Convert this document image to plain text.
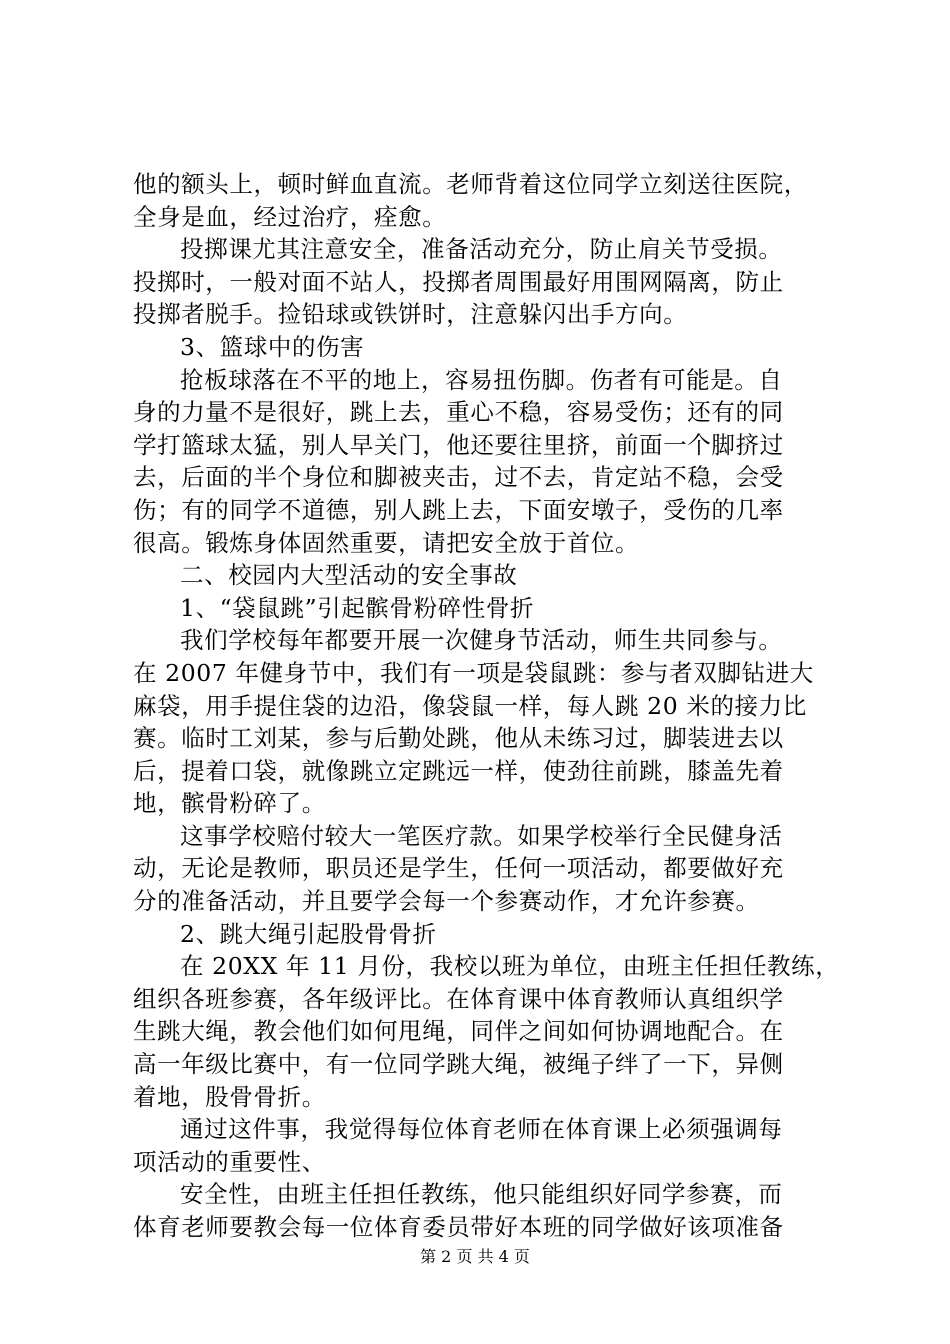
他的额头上，顿时鲜血直流。老师背着这位同学立刻送往医院，
全身是血，经过治疗，痊愈。
投掷课尤其注意安全，准备活动充分，防止肩关节受损。
投掷时，一般对面不站人，投掷者周围最好用围网隔离，防止
投掷者脱手。捡铅球或铁饼时，注意躲闪出手方向。
3、篮球中的伤害
抢板球落在不平的地上，容易扭伤脚。伤者有可能是。自
身的力量不是很好，跳上去，重心不稳，容易受伤；还有的同
学打篮球太猛，别人早关门，他还要往里挤，前面一个脚挤过
去，后面的半个身位和脚被夹击，过不去，肯定站不稳，会受
伤；有的同学不道德，别人跳上去，下面安墩子，受伤的几率
很高。锻炼身体固然重要，请把安全放于首位。
二、校园内大型活动的安全事故
1、“袋鼠跳”引起髌骨粉碎性骨折
我们学校每年都要开展一次健身节活动，师生共同参与。
在 2007 年健身节中，我们有一项是袋鼠跳：参与者双脚钻进大
麻袋，用手提住袋的边沿，像袋鼠一样，每人跳 20 米的接力比
赛。临时工刘某，参与后勤处跳，他从未练习过，脚装进去以
后，提着口袋，就像跳立定跳远一样，使劲往前跳，膝盖先着
地，髌骨粉碎了。
这事学校赔付较大一笔医疗款。如果学校举行全民健身活
动，无论是教师，职员还是学生，任何一项活动，都要做好充
分的准备活动，并且要学会每一个参赛动作，才允许参赛。
2、跳大绳引起股骨骨折
在 20XX 年 11 月份，我校以班为单位，由班主任担任教练，
组织各班参赛，各年级评比。在体育课中体育教师认真组织学
生跳大绳，教会他们如何甩绳，同伴之间如何协调地配合。在
高一年级比赛中，有一位同学跳大绳，被绳子绊了一下，异侧
着地，股骨骨折。
通过这件事，我觉得每位体育老师在体育课上必须强调每
项活动的重要性、
安全性，由班主任担任教练，他只能组织好同学参赛，而
体育老师要教会每一位体育委员带好本班的同学做好该项准备
第 2 页 共 4 页
